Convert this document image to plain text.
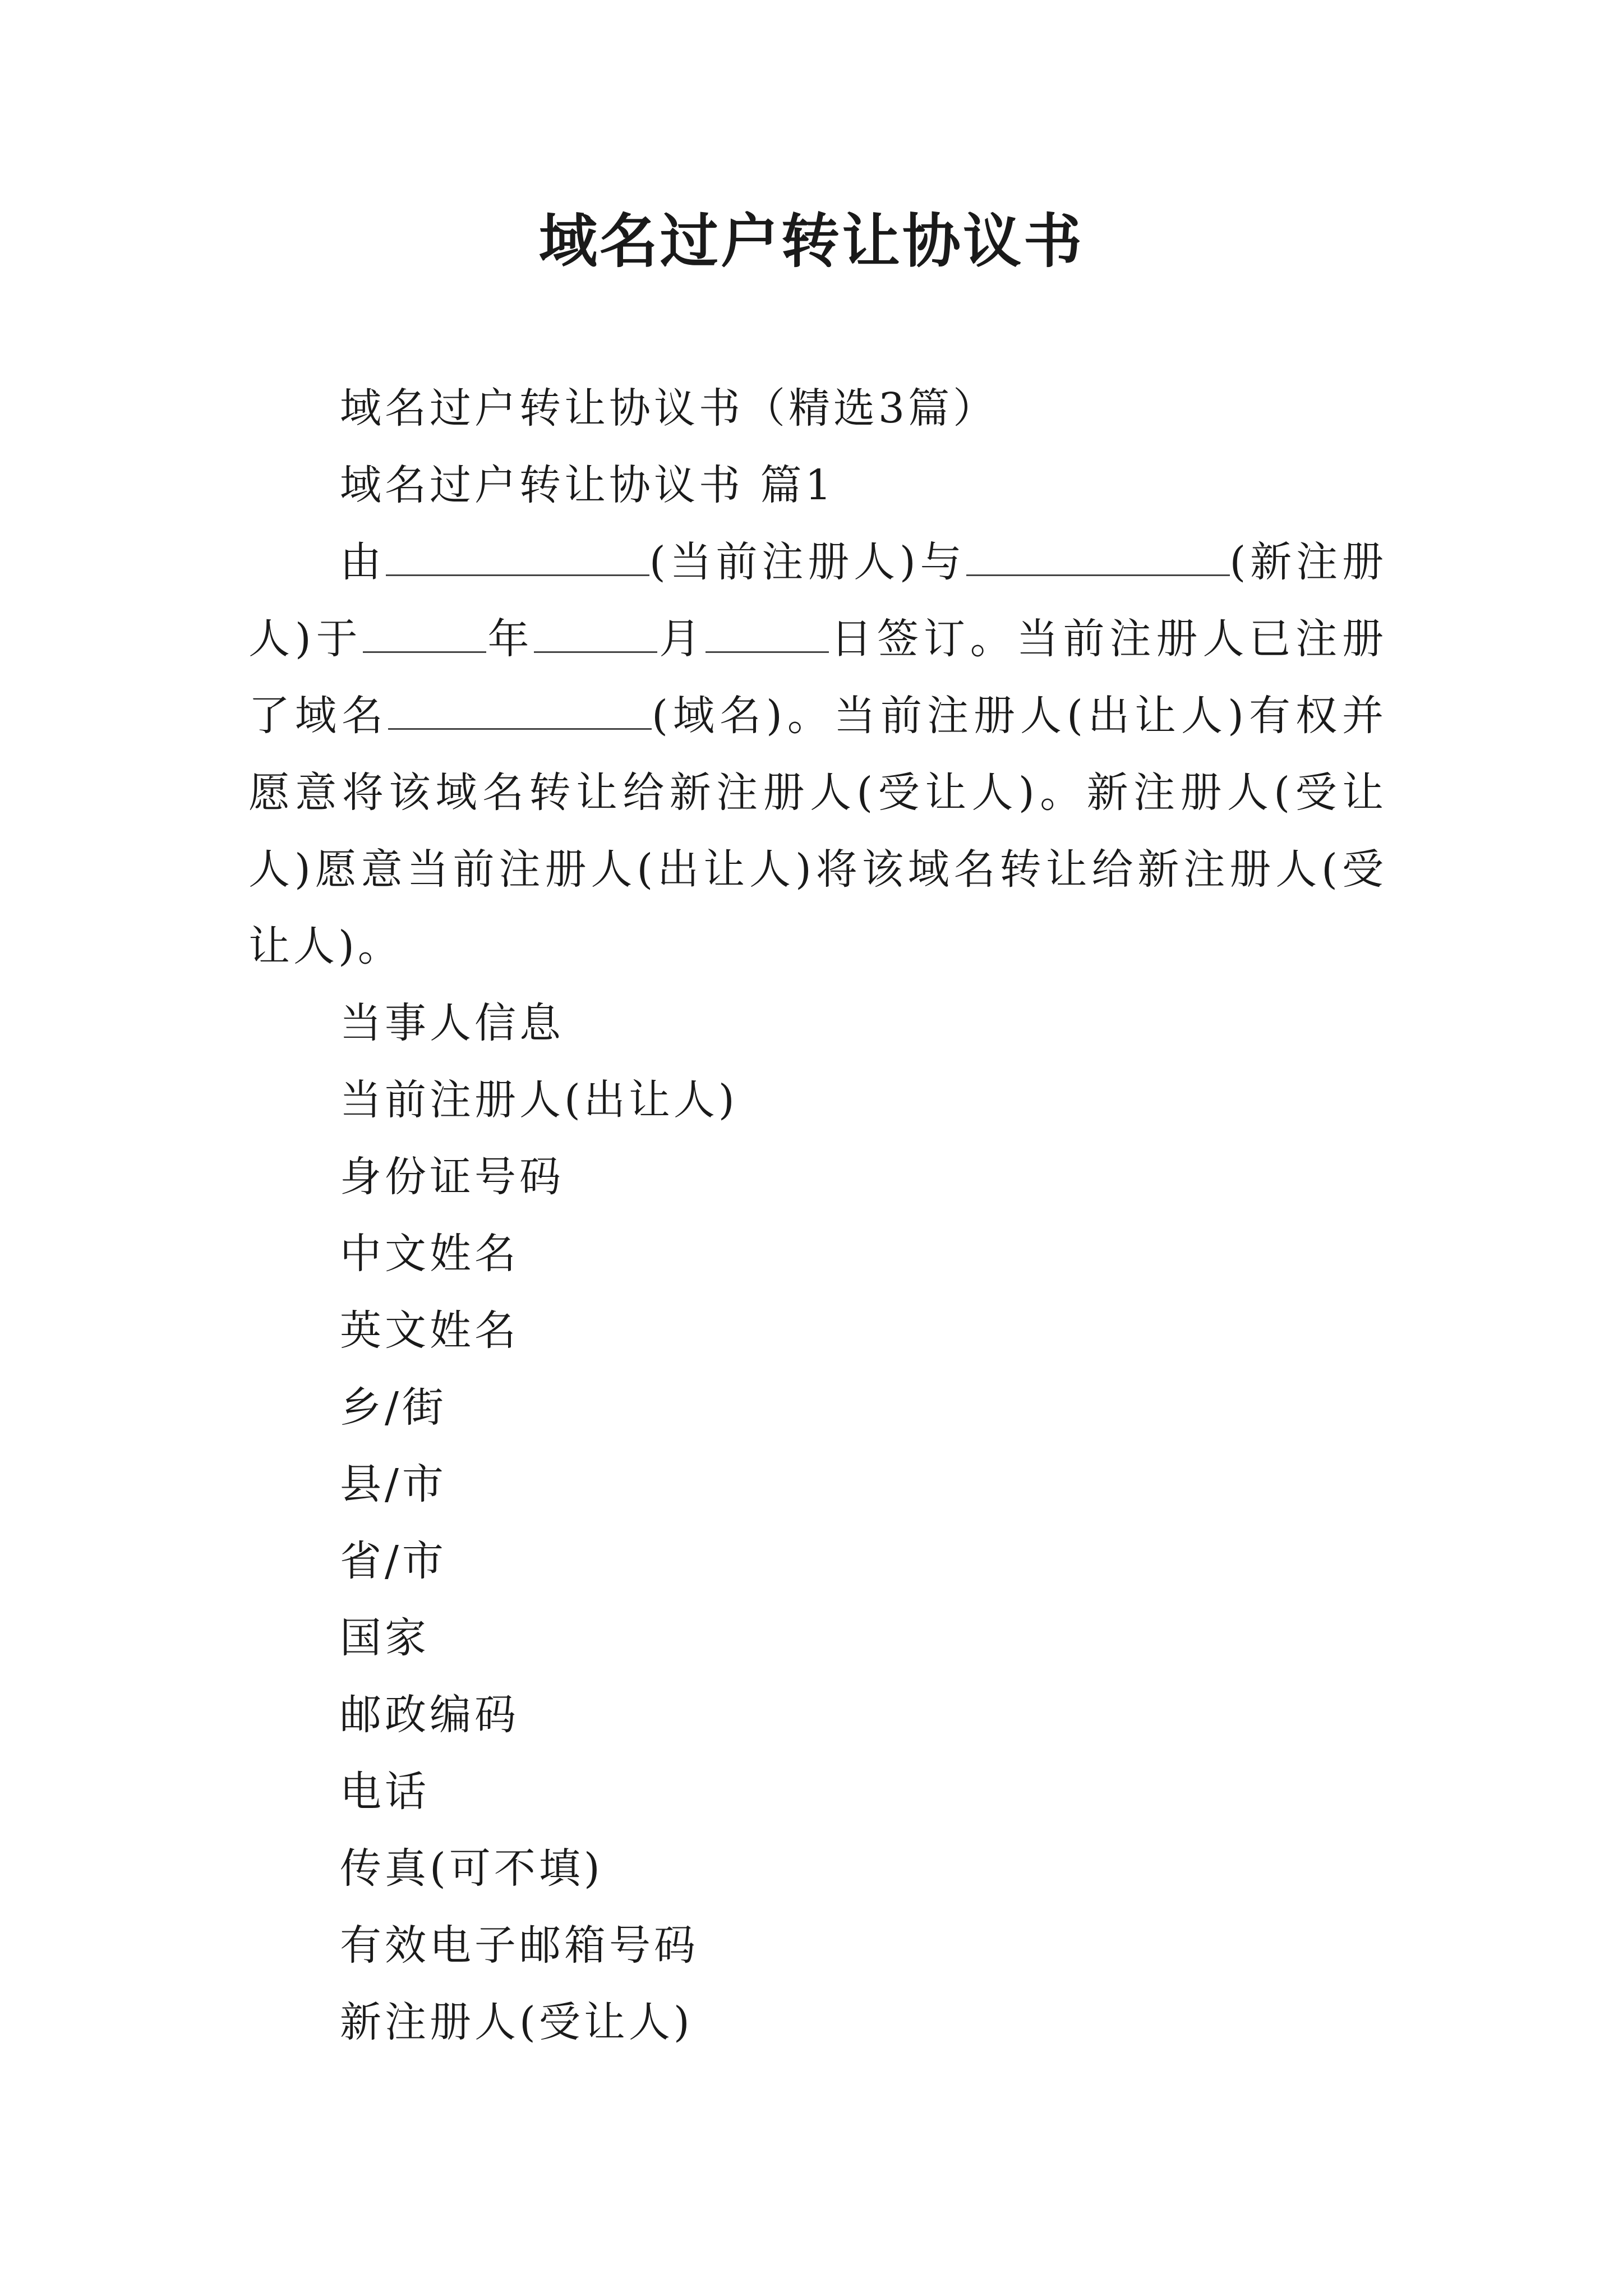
域名过户转让协议书
域名过户转让协议书（精选3篇）
域名过户转让协议书 篇1
由	(当前注册人)与	(新注册人)于	年	月	日签订。当前注册人已注册了域名	(域名)。当前注册人(出让人)有权并愿意将该域名转让给新注册人(受让人)。新注册人(受让人)愿意当前注册人(出让人)将该域名转让给新注册人(受让人)。
当事人信息
当前注册人(出让人)
身份证号码
中文姓名
英文姓名
乡/街
县/市
省/市
国家
邮政编码
电话
传真(可不填)
有效电子邮箱号码
新注册人(受让人)
